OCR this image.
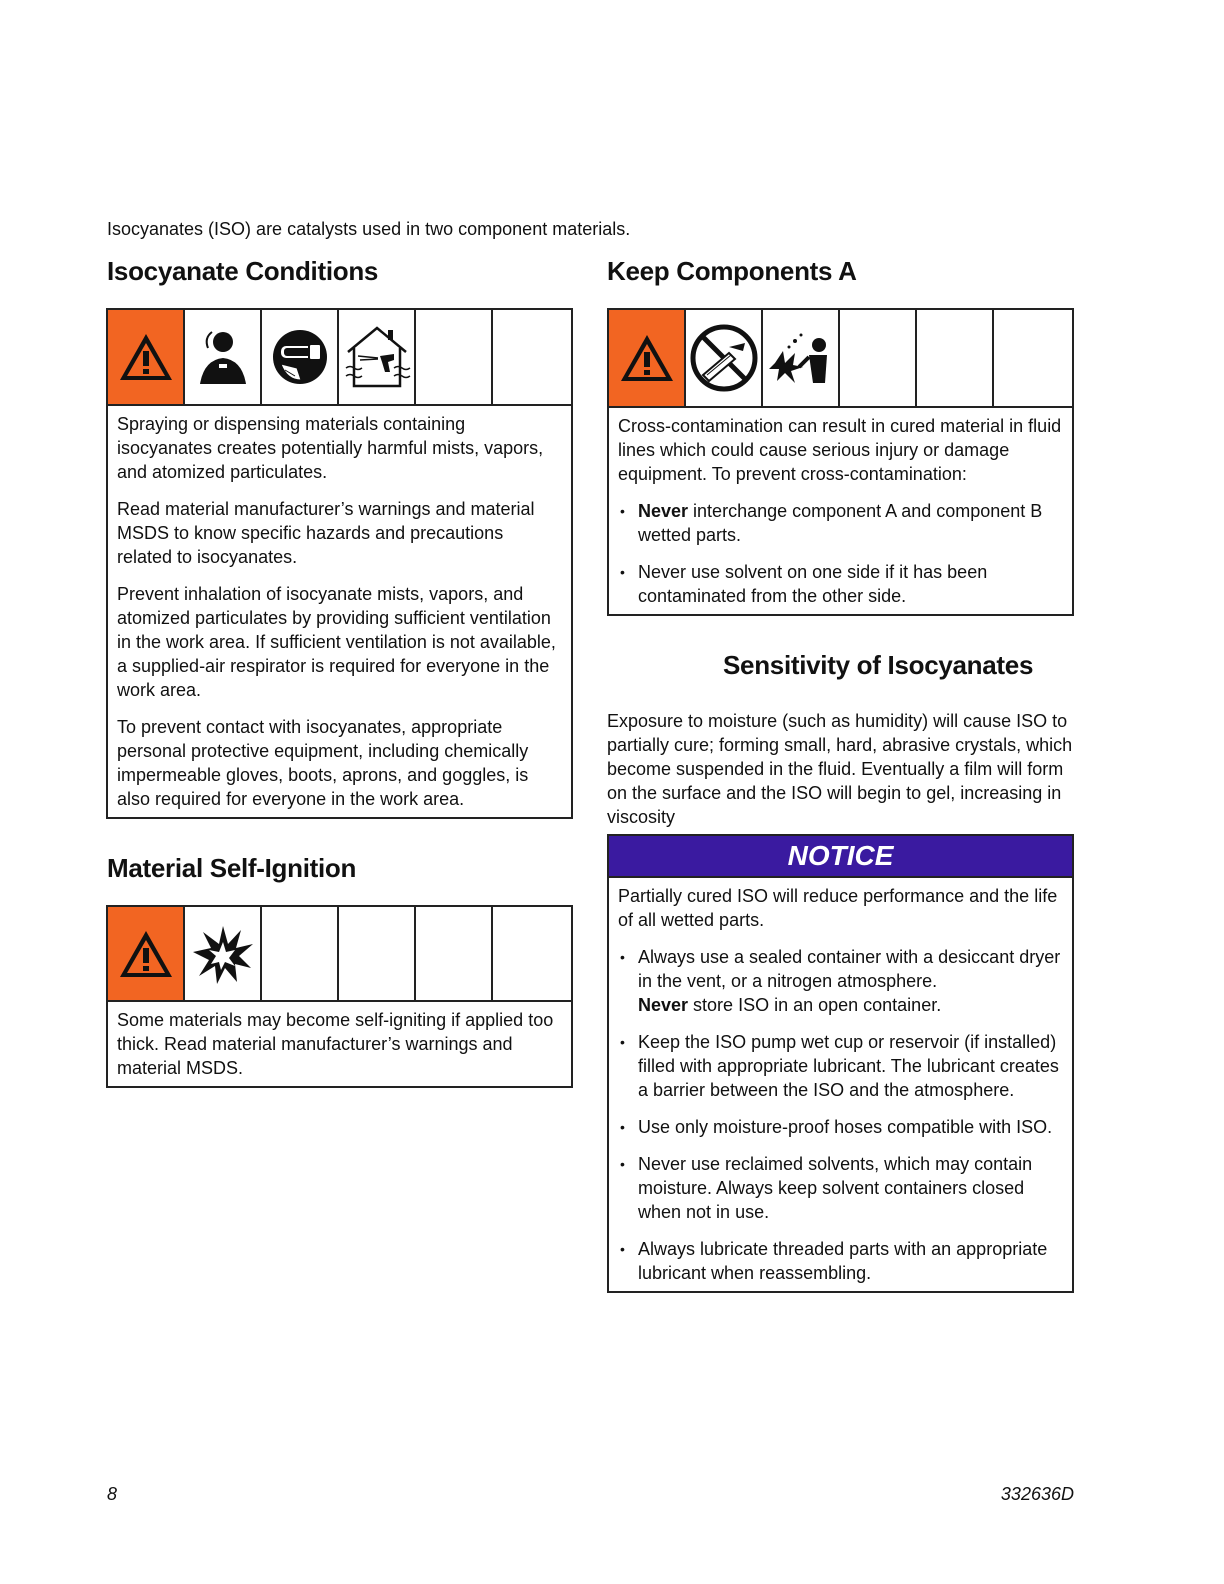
Isocyanates (ISO) are catalysts used in two component materials.
Isocyanate Conditions

Spraying or dispensing materials containing isocyanates creates potentially harmful mists, vapors, and atomized particulates.

Read material manufacturer’s warnings and material MSDS to know specific hazards and precautions related to isocyanates.

Prevent inhalation of isocyanate mists, vapors, and atomized particulates by providing sufficient ventilation in the work area. If sufficient ventilation is not available, a supplied-air respirator is required for everyone in the work area.

To prevent contact with isocyanates, appropriate personal protective equipment, including chemically impermeable gloves, boots, aprons, and goggles, is also required for everyone in the work area.

Material Self-Ignition

Some materials may become self-igniting if applied too thick. Read material manufacturer’s warnings and material MSDS.

Keep Components A

Cross-contamination can result in cured material in fluid lines which could cause serious injury or damage equipment. To prevent cross-contamination:

• Never interchange component A and component B wetted parts.
• Never use solvent on one side if it has been contaminated from the other side.
Sensitivity of Isocyanates
Exposure to moisture (such as humidity) will cause ISO to partially cure; forming small, hard, abrasive crystals, which become suspended in the fluid. Eventually a film will form on the surface and the ISO will begin to gel, increasing in viscosity
NOTICE

Partially cured ISO will reduce performance and the life of all wetted parts.

• Always use a sealed container with a desiccant dryer in the vent, or a nitrogen atmosphere.
Never store ISO in an open container.
• Keep the ISO pump wet cup or reservoir (if installed) filled with appropriate lubricant. The lubricant creates a barrier between the ISO and the atmosphere.
• Use only moisture-proof hoses compatible with ISO.
• Never use reclaimed solvents, which may contain moisture. Always keep solvent containers closed when not in use.
• Always lubricate threaded parts with an appropriate lubricant when reassembling.
8	332636D
